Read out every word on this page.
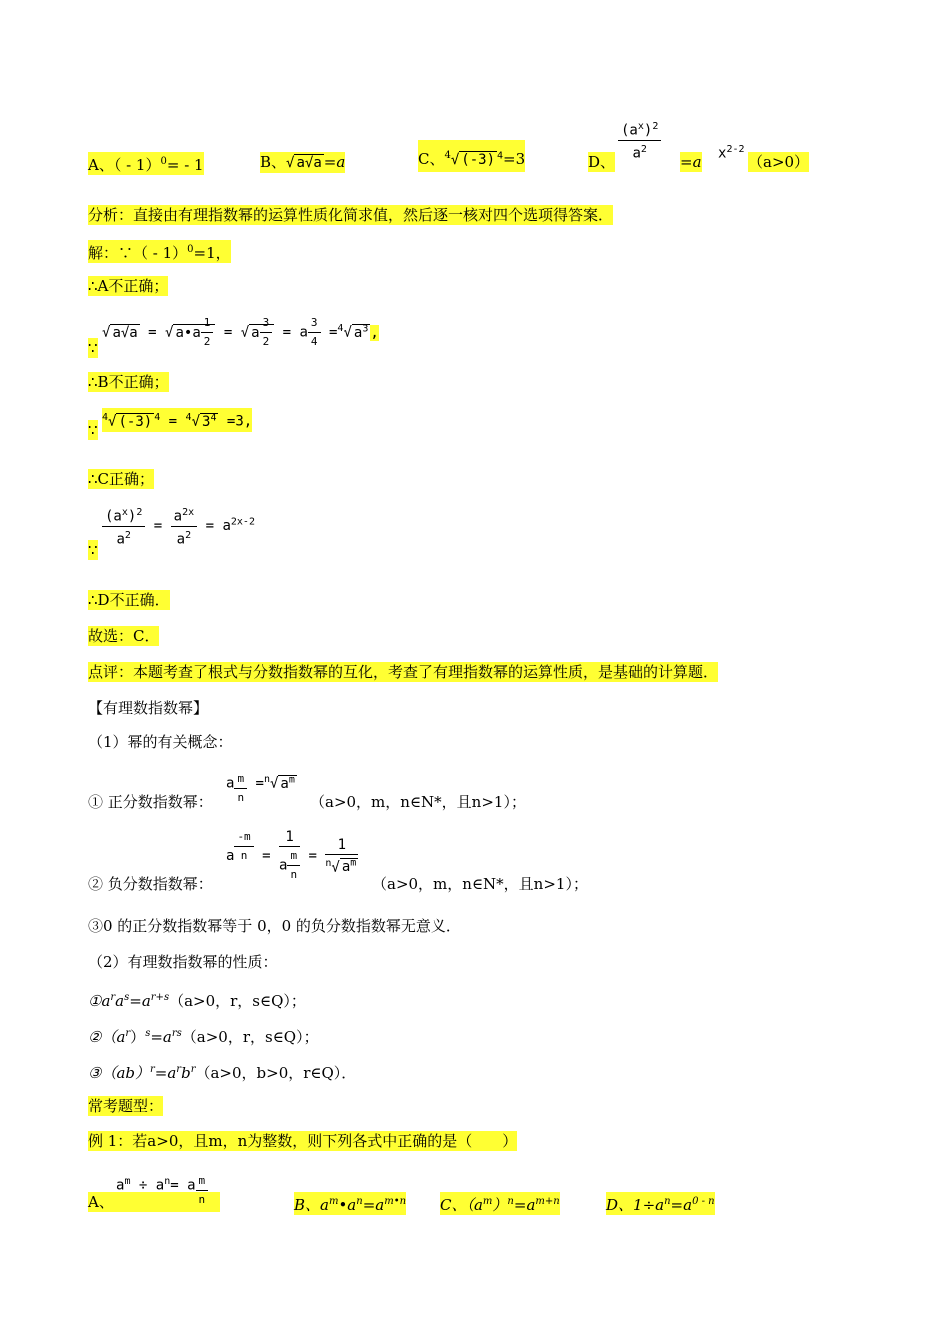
A、（ - 1）$^0$= - 1	B、√ a√a =a	C、$^4$√ (-3) $^4$=3	D、 $\frac{(a^x)^2}{a^2} =a$ $x^{2-2}$
（a>0）
分析：直接由有理指数幂的运算性质化简求值，然后逐一核对四个选项得答案．
解：∵（ - 1）$^0$=1，
∴A不正确；
∵
√ a√a = √ a•a $\frac{1}{2}$ = √ a $\frac{3}{2} = a \frac{3}{4} =^4√$ $a^3$ ,
∴B不正确；
∵
$^4$√ (-3) $^4$ = $^4$√ $3^4 =3$,
∴C正确；
∵
$\frac{(a^x)^2}{a^2} = \frac{a^{2x}}{a^2} = a^{2x-2}$
∴D不正确．
故选：C．
点评：本题考查了根式与分数指数幂的互化，考查了有理指数幂的运算性质，是基础的计算题．
【有理数指数幂】
（1）幂的有关概念：
① 正分数指数幂：
a $\frac{m}{n} =^n√$ $a^m$
（a>0，m，n∈N*，且n>1）；
② 负分数指数幂：
a $\frac{-m}{n} = \frac{1}{a \frac{m}{n}} = \frac{1}{^n√ a^m}$
（a>0，m，n∈N*，且n>1）；
③0 的正分数指数幂等于 0，0 的负分数指数幂无意义．
（2）有理数指数幂的性质：
$①a^ra^s=a^{r+s}(a>0$，r，s∈Q）；
$②(a^r)^s=a^{rs}(a>0$，r，s∈Q）；
$③(ab)^r=a^rb^r(a>0$，b>0，r∈Q）．
常考题型：
例 1：若a>0，且m，n为整数，则下列各式中正确的是（　　）
A、
$a^m \div a^n= a \frac{m}{n}$	B、$a^m•a^n=a^{m•n}$ C、$(a^m)^n=a^{m+n}$	D、$1\div a^n=a^{0 - n}$
